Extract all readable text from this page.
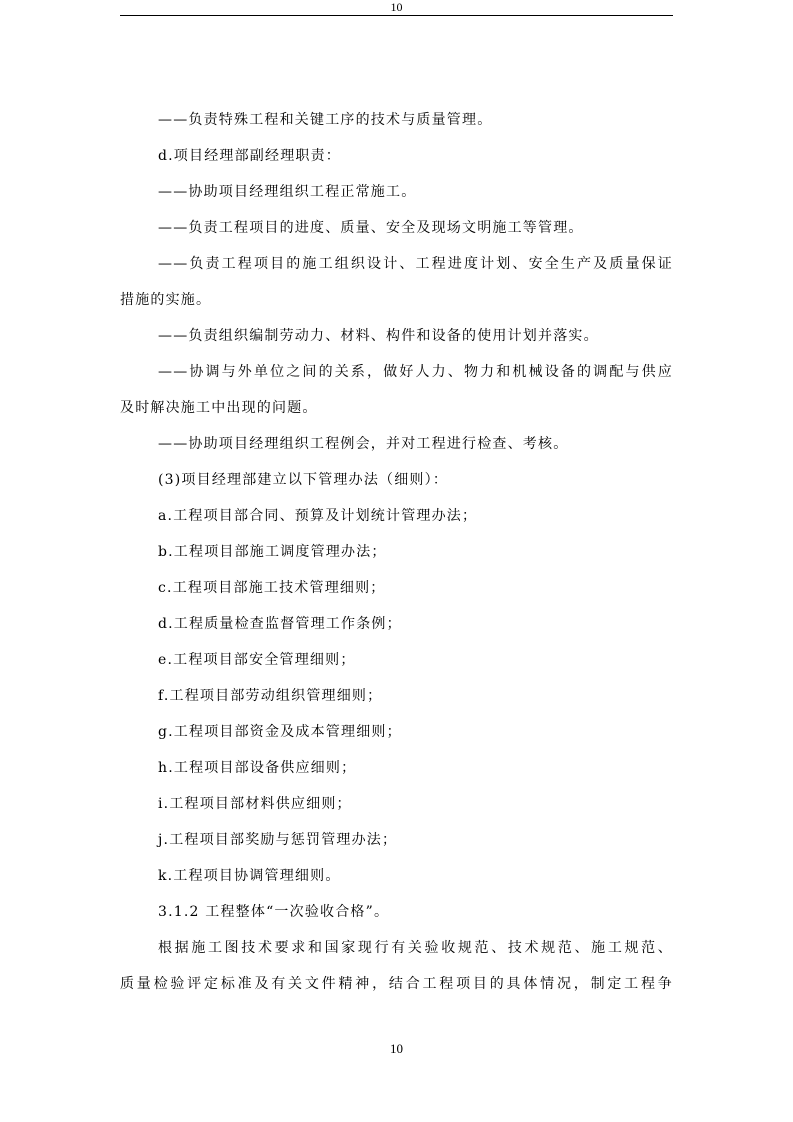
10
——负责特殊工程和关键工序的技术与质量管理。
d.项目经理部副经理职责：
——协助项目经理组织工程正常施工。
——负责工程项目的进度、质量、安全及现场文明施工等管理。
——负责工程项目的施工组织设计、工程进度计划、安全生产及质量保证
措施的实施。
——负责组织编制劳动力、材料、构件和设备的使用计划并落实。
——协调与外单位之间的关系，做好人力、物力和机械设备的调配与供应
及时解决施工中出现的问题。
——协助项目经理组织工程例会，并对工程进行检查、考核。
(3)项目经理部建立以下管理办法（细则）：
a.工程项目部合同、预算及计划统计管理办法；
b.工程项目部施工调度管理办法；
c.工程项目部施工技术管理细则；
d.工程质量检查监督管理工作条例；
e.工程项目部安全管理细则；
f.工程项目部劳动组织管理细则；
g.工程项目部资金及成本管理细则；
h.工程项目部设备供应细则；
i.工程项目部材料供应细则；
j.工程项目部奖励与惩罚管理办法；
k.工程项目协调管理细则。
3.1.2 工程整体“一次验收合格”。
根据施工图技术要求和国家现行有关验收规范、技术规范、施工规范、
质量检验评定标准及有关文件精神，结合工程项目的具体情况，制定工程争
10
